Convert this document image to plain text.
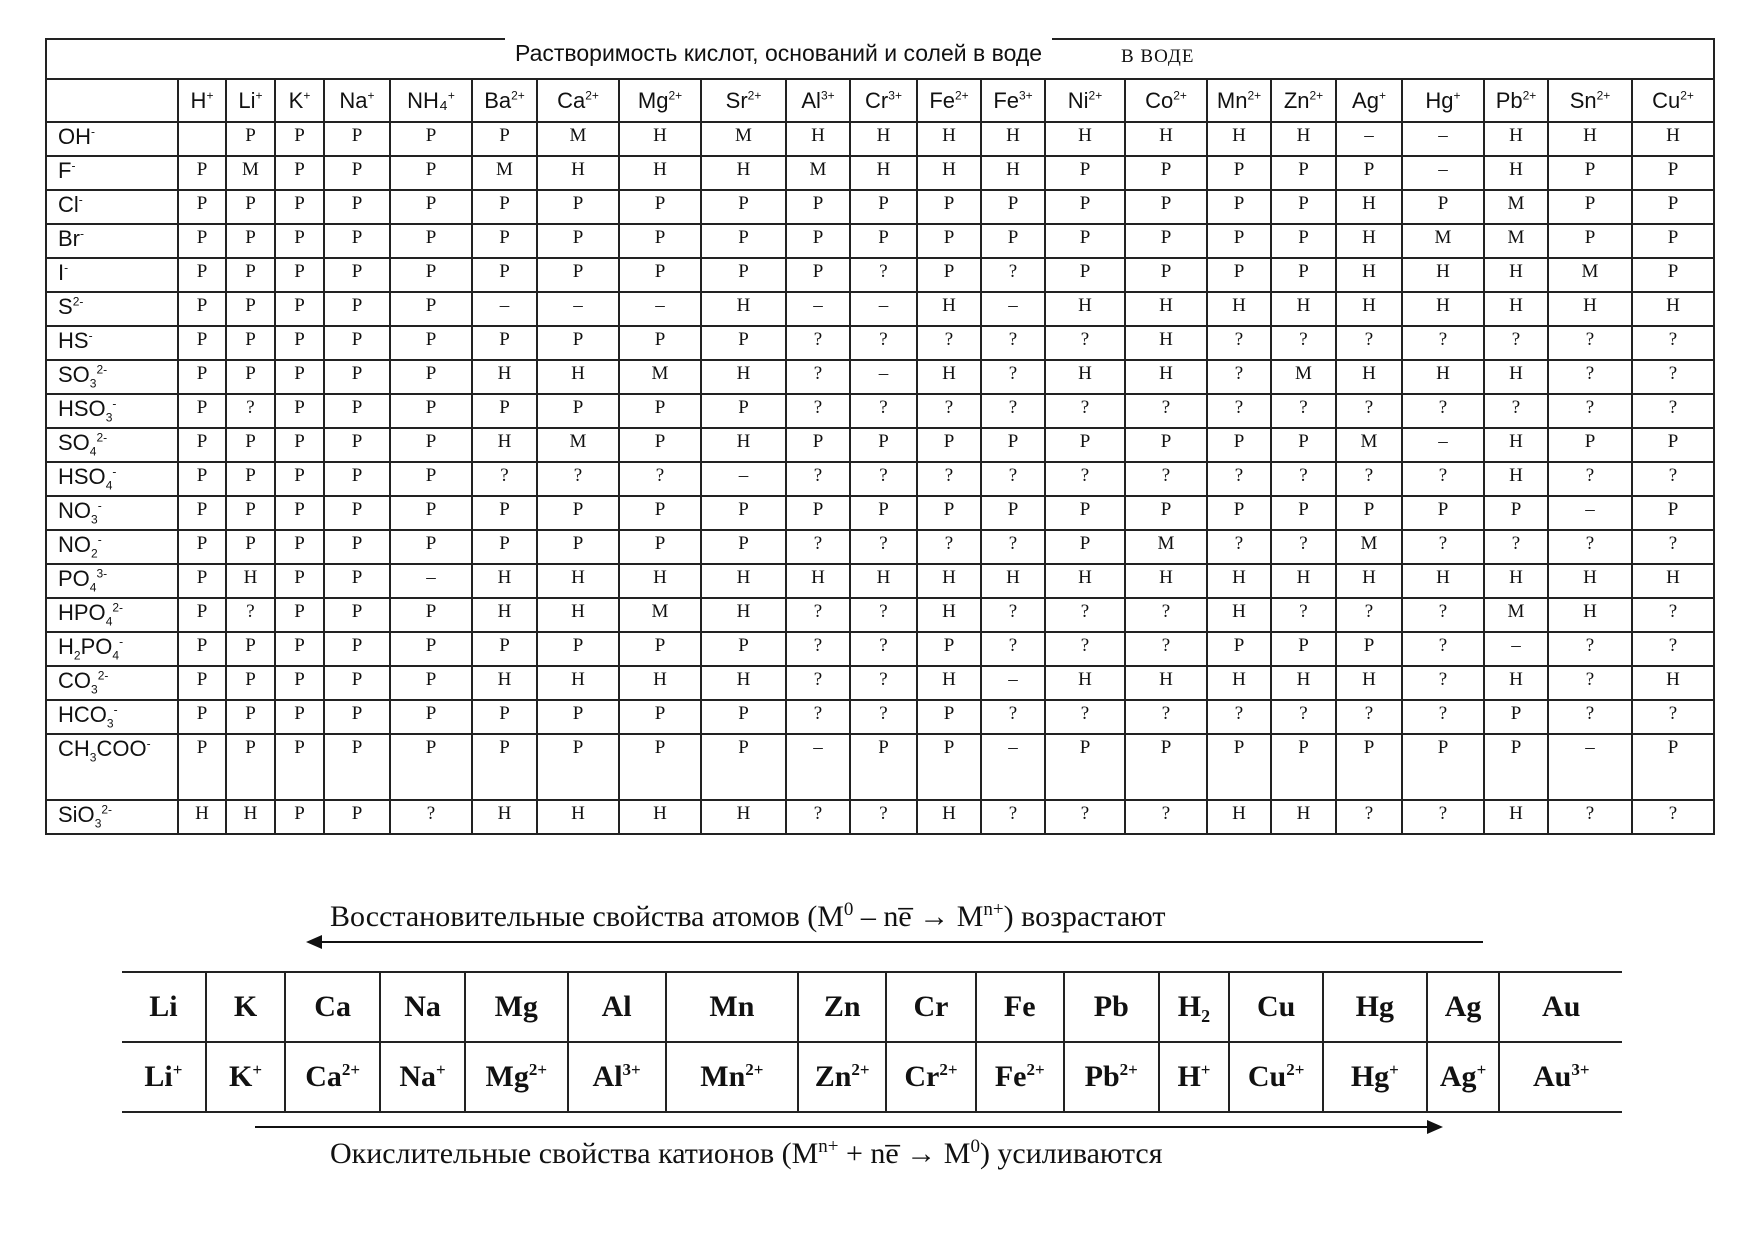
Растворимость кислот, оснований и солей в воде	В ВОДЕ
	H+	Li+	K+	Na+	NH₄+	$Ba^{2+}$	$Ca^{2+}$	$Mg^{2+}$	$Sr^{2+}$	$Al^{3+}$	$Cr^{3+}$	$Fe^{2+}$	$Fe^{3+}$	$Ni^{2+}$	$Co^{2+}$	$Mn^{2+}$	$Zn^{2+}$	Ag+	Hg+	$Pb^{2+}$	$Sn^{2+}$	$Cu^{2+}$
OH-		Р	Р	Р	Р	Р	М	Н	М	Н	Н	Н	Н	Н	Н	Н	Н	–	–	Н	Н	Н
F-	Р	М	Р	Р	Р	М	Н	Н	Н	М	Н	Н	Н	Р	Р	Р	Р	Р	–	Н	Р	Р
Cl-	Р	Р	Р	Р	Р	Р	Р	Р	Р	Р	Р	Р	Р	Р	Р	Р	Р	Н	Р	М	Р	Р
Br-	Р	Р	Р	Р	Р	Р	Р	Р	Р	Р	Р	Р	Р	Р	Р	Р	Р	Н	М	М	Р	Р
I-	Р	Р	Р	Р	Р	Р	Р	Р	Р	Р	?	Р	?	Р	Р	Р	Р	Н	Н	Н	М	Р
$S^{2-}$	Р	Р	Р	Р	Р	–	–	–	Н	–	–	Н	–	Н	Н	Н	Н	Н	Н	Н	Н	Н
HS-	Р	Р	Р	Р	Р	Р	Р	Р	Р	?	?	?	?	?	Н	?	?	?	?	?	?	?
$SO_3^{2-}$	Р	Р	Р	Р	Р	Н	Н	М	Н	?	–	Н	?	Н	Н	?	М	Н	Н	Н	?	?
$HSO_3^-$	Р	?	Р	Р	Р	Р	Р	Р	Р	?	?	?	?	?	?	?	?	?	?	?	?	?
$SO_4^{2-}$	Р	Р	Р	Р	Р	Н	М	Р	Н	Р	Р	Р	Р	Р	Р	Р	Р	М	–	Н	Р	Р
$HSO_4^-$	Р	Р	Р	Р	Р	?	?	?	–	?	?	?	?	?	?	?	?	?	?	Н	?	?
$NO_3^-$	Р	Р	Р	Р	Р	Р	Р	Р	Р	Р	Р	Р	Р	Р	Р	Р	Р	Р	Р	Р	–	Р
$NO_2^-$	Р	Р	Р	Р	Р	Р	Р	Р	Р	?	?	?	?	Р	М	?	?	М	?	?	?	?
$PO_4^{3-}$	Р	Н	Р	Р	–	Н	Н	Н	Н	Н	Н	Н	Н	Н	Н	Н	Н	Н	Н	Н	Н	Н
$HPO_4^{2-}$	Р	?	Р	Р	Р	Н	Н	М	Н	?	?	Н	?	?	?	Н	?	?	?	М	Н	?
$H_2PO_4^-$	Р	Р	Р	Р	Р	Р	Р	Р	Р	?	?	Р	?	?	?	Р	Р	Р	?	–	?	?
$CO_3^{2-}$	Р	Р	Р	Р	Р	Н	Н	Н	Н	?	?	Н	–	Н	Н	Н	Н	Н	?	Н	?	Н
$HCO_3^-$	Р	Р	Р	Р	Р	Р	Р	Р	Р	?	?	Р	?	?	?	?	?	?	?	Р	?	?
$CH_3COO^-$	Р	Р	Р	Р	Р	Р	Р	Р	Р	–	Р	Р	–	Р	Р	Р	Р	Р	Р	Р	–	Р
SiO$_3^{2-}$	Н	Н	Р	Р	?	Н	Н	Н	Н	?	?	Н	?	?	?	Н	Н	?	?	Н	?	?
Восстановительные свойства атомов ($M^0$ – ne̅ → $M^{n+}$) возрастают
Li	K	Ca	Na	Mg	Al	Mn	Zn	Cr	Fe	Pb	H₂	Cu	Hg	Ag	Au
Li+	K+	$Ca^{2+}$	Na+	$Mg^{2+}$	$Al^{3+}$	$Mn^{2+}$	$Zn^{2+}$	$Cr^{2+}$	$Fe^{2+}$	$Pb^{2+}$	H+	$Cu^{2+}$	Hg+	Ag+	$Au^{3+}$
Окислительные свойства катионов ($M^{n+}$ + ne̅ → $M^0$) усиливаются
